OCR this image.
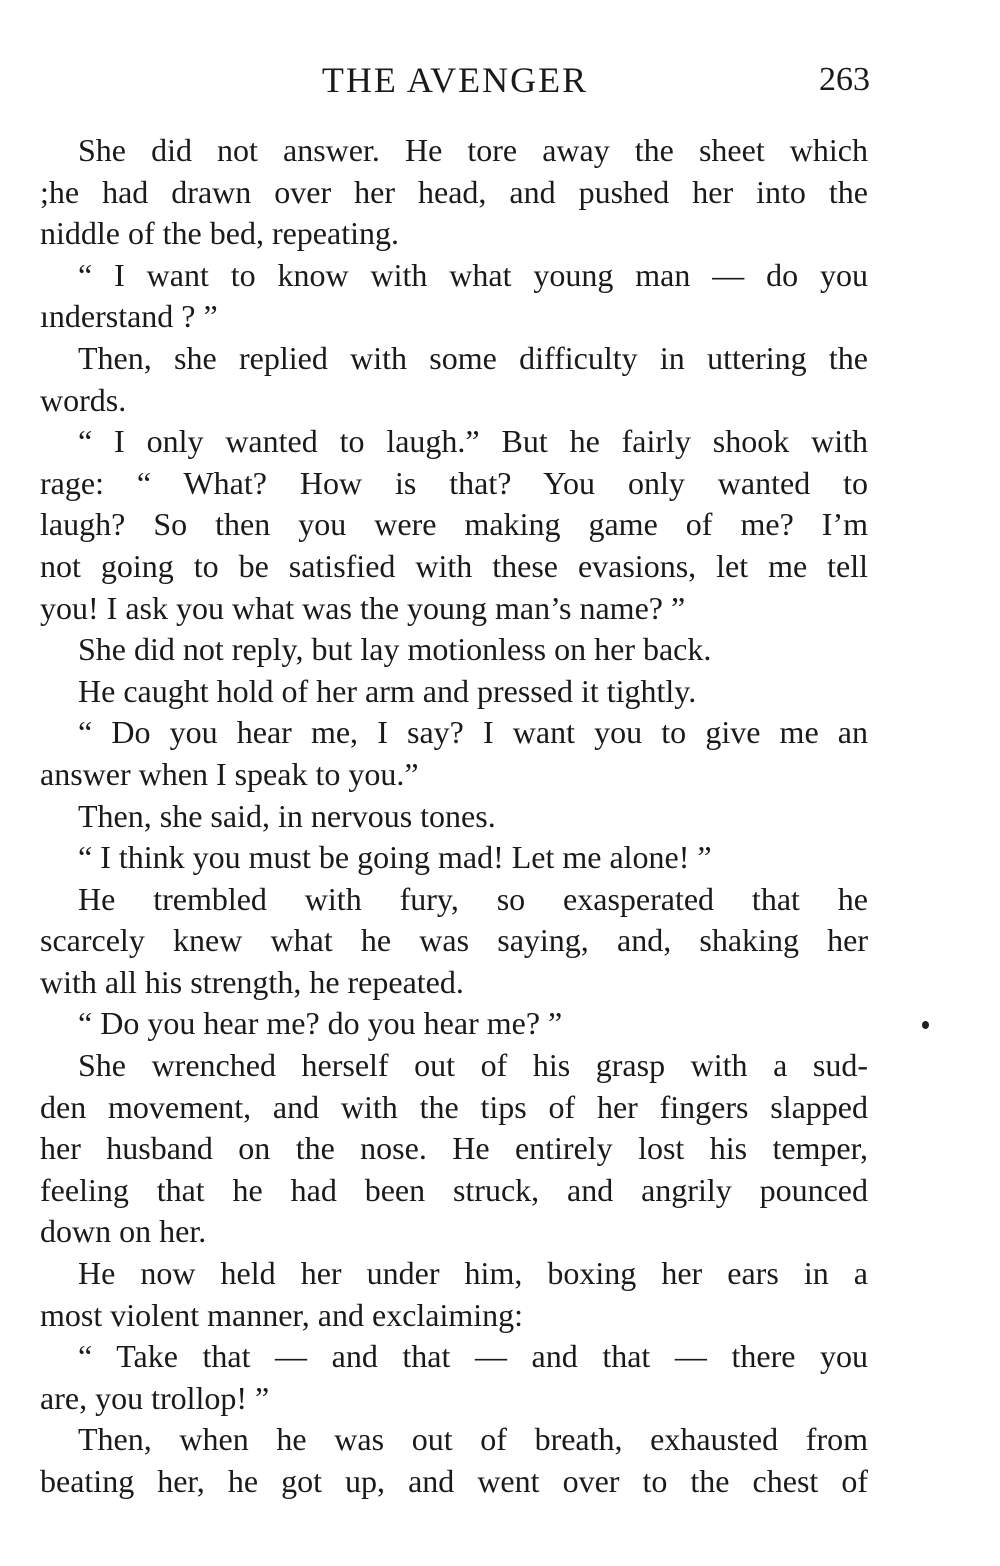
THE AVENGER	263
She did not answer. He tore away the sheet which
;he had drawn over her head, and pushed her into the
niddle of the bed, repeating.
“ I want to know with what young man — do you
ınderstand ? ”
Then, she replied with some difficulty in uttering the
words.
“ I only wanted to laugh.” But he fairly shook with
rage: “ What? How is that? You only wanted to
laugh? So then you were making game of me? I’m
not going to be satisfied with these evasions, let me tell
you! I ask you what was the young man’s name? ”
She did not reply, but lay motionless on her back.
He caught hold of her arm and pressed it tightly.
“ Do you hear me, I say? I want you to give me an
answer when I speak to you.”
Then, she said, in nervous tones.
“ I think you must be going mad! Let me alone! ”
He trembled with fury, so exasperated that he
scarcely knew what he was saying, and, shaking her
with all his strength, he repeated.
“ Do you hear me? do you hear me? ”
She wrenched herself out of his grasp with a sud-
den movement, and with the tips of her fingers slapped
her husband on the nose. He entirely lost his temper,
feeling that he had been struck, and angrily pounced
down on her.
He now held her under him, boxing her ears in a
most violent manner, and exclaiming:
“ Take that — and that — and that — there you
are, you trollop! ”
Then, when he was out of breath, exhausted from
beating her, he got up, and went over to the chest of
